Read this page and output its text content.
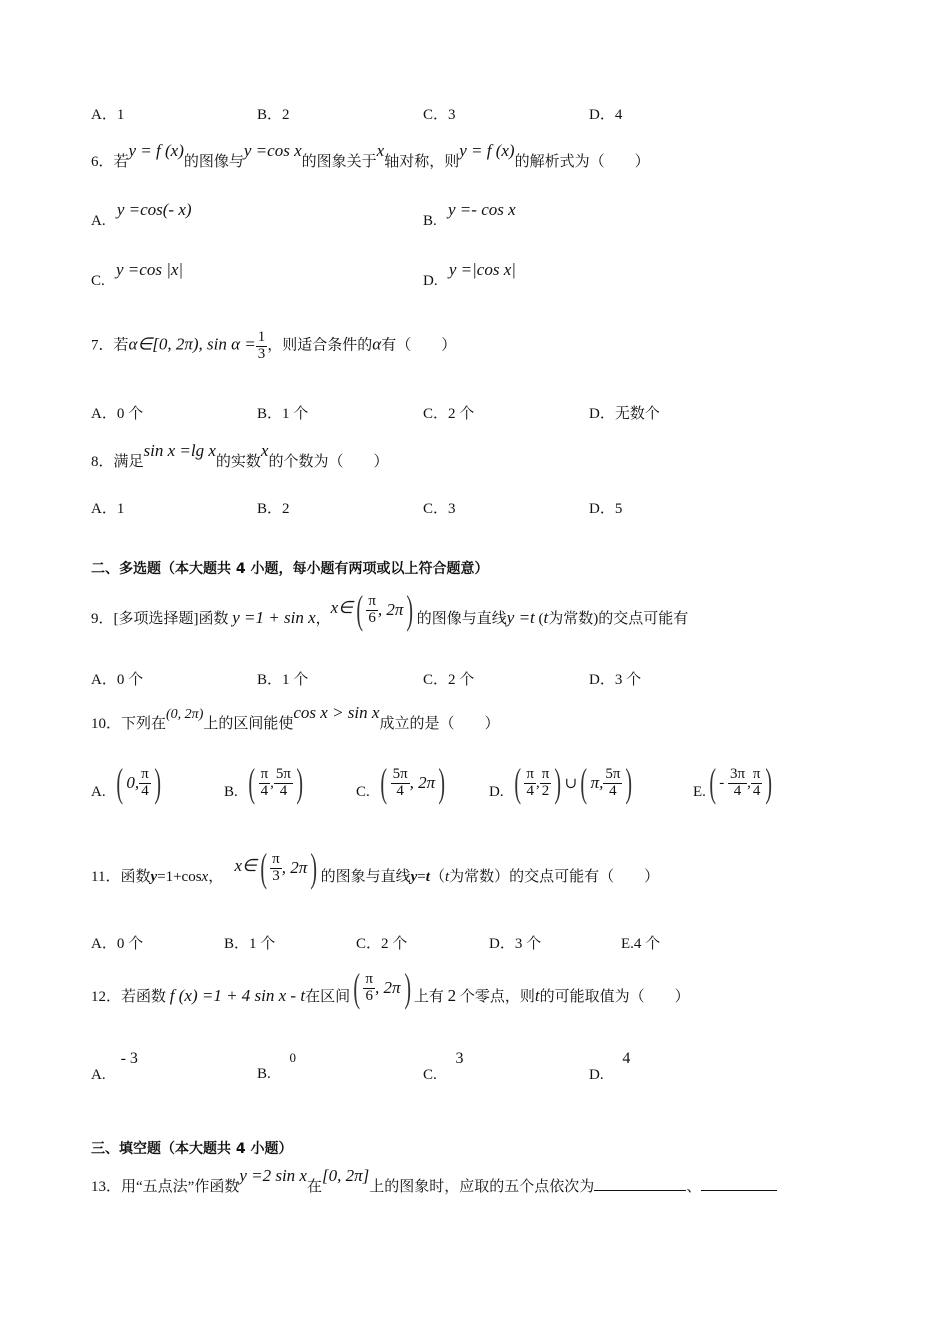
A．1	B．2	C．3	D．4
6．若y = f (x)的图像与y =cos x的图象关于x轴对称，则y = f (x)的解析式为（　　）
A.   y =cos(- x)
B.   y =- cos x
C.   y =cos |x|
D.   y =|cos x|
7．若α∈[0, 2π), $\sin \alpha = \frac{1}{3}$ ，则适合条件的α有（　　）
A．0 个	B．1 个	C．2 个	D．无数个
8．满足sin x =lg x的实数x的个数为（　　）
A．1	B．2	C．3	D．5
二、多选题（本大题共 4 小题，每小题有两项或以上符合题意）
9．[多项选择题]函数 y =1 + sin x，x∈ ( $\frac{\pi}{6}$ , 2π ) 的图像与直线y =t (t为常数)的交点可能有
A．0 个	B．1 个	C．2 个	D．3 个
10．下列在(0, 2π)上的区间能使cos x > sin x成立的是（　　）
A. ( 0, $\frac{\pi}{4}$ )	B. ( $\frac{\pi}{4}$ , $\frac{5\pi}{4}$ )	C. ( $\frac{5\pi}{4}$ , 2π )	D. ( $\frac{\pi}{4}$ , $\frac{\pi}{2}$ ) ∪ ( π, $\frac{5\pi}{4}$ )	E. ( -
$\frac{3\pi}{4}$ , $\frac{\pi}{4}$ )
11．函数y=1+cosx，   x∈ ( $\frac{\pi}{3}$ , 2π ) 的图象与直线y=t（t为常数）的交点可能有（　　）
A．0 个	B．1 个	C．2 个	D．3 个	E.4 个
12．若函数 f (x) =1 + 4 sin x - t在区间 ( $\frac{\pi}{6}$ , 2π ) 上有 2 个零点，则t的可能取值为（　　）
A.    - 3
B.     0
C.     3
D.     4
三、填空题（本大题共 4 小题）
13．用“五点法”作函数y =2 sin x在[0, 2π]上的图象时，应取的五个点依次为	、
